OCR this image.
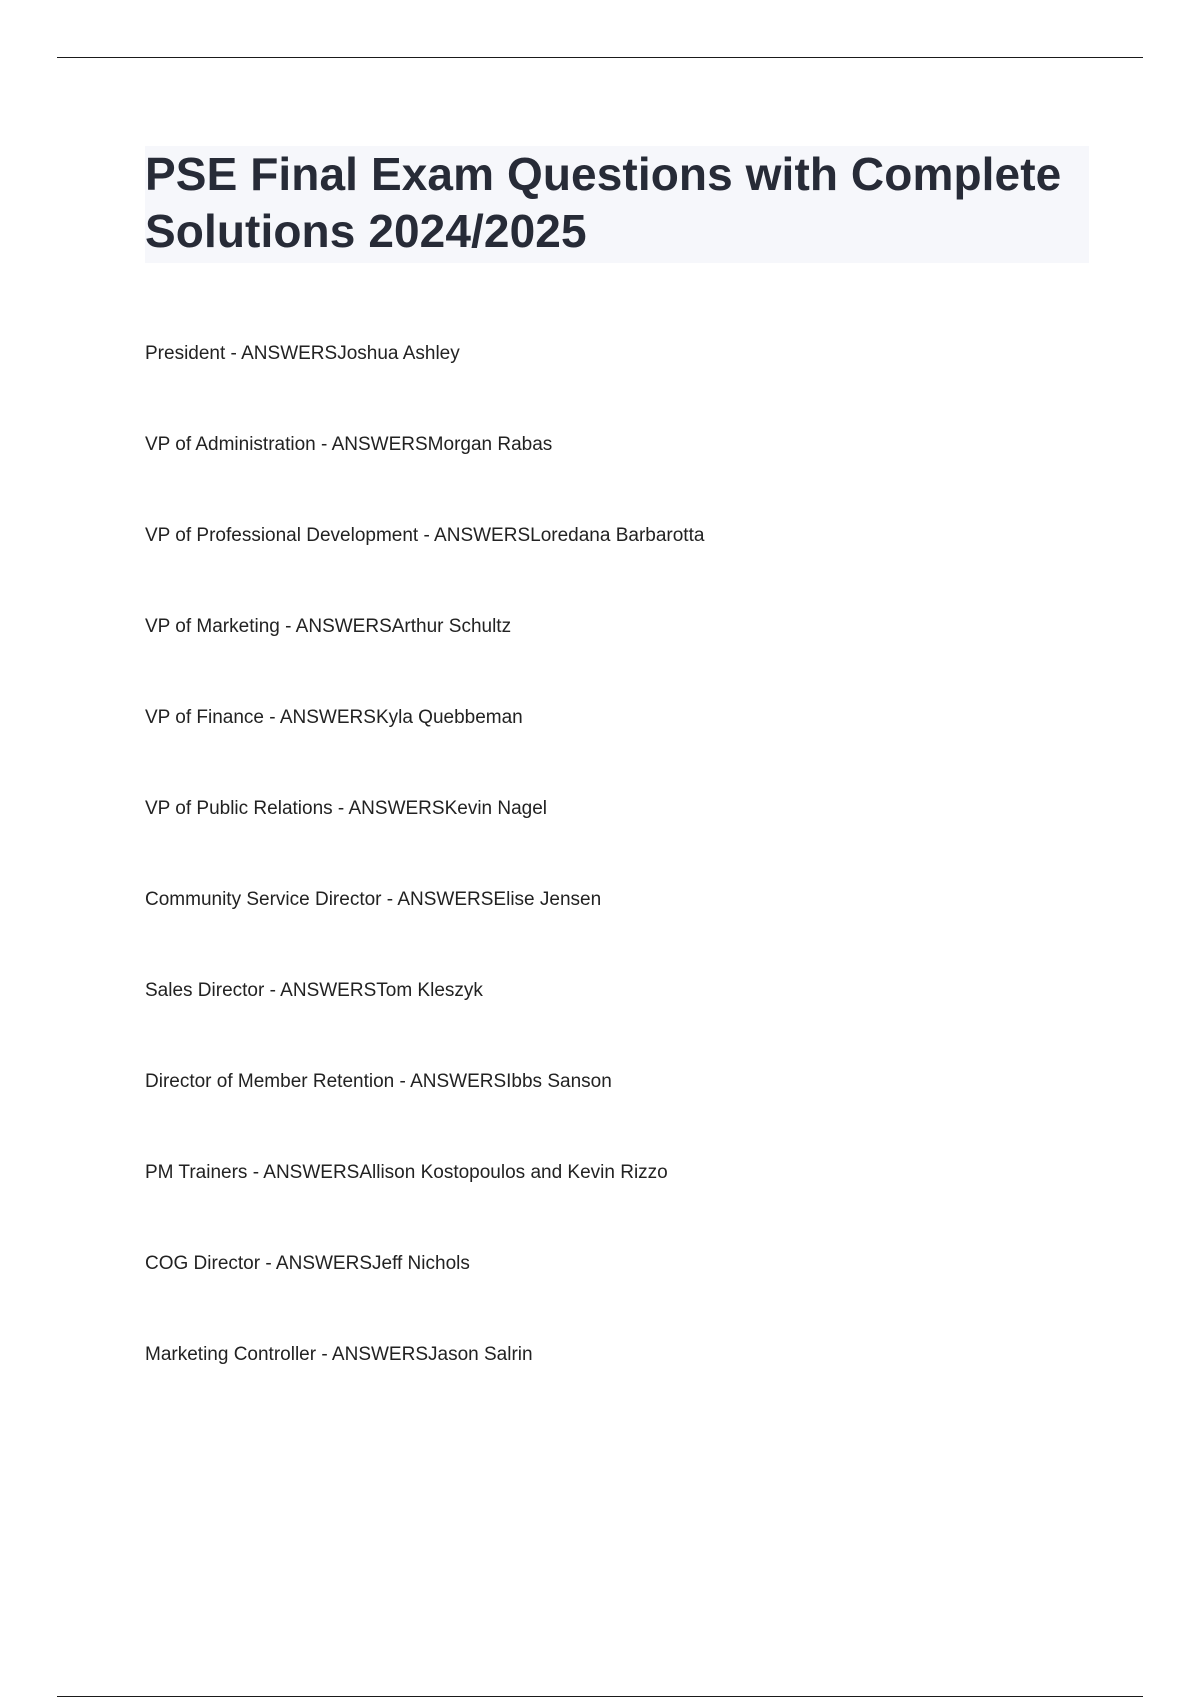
PSE Final Exam Questions with Complete Solutions 2024/2025
President - ANSWERSJoshua Ashley
VP of Administration - ANSWERSMorgan Rabas
VP of Professional Development - ANSWERSLoredana Barbarotta
VP of Marketing - ANSWERSArthur Schultz
VP of Finance - ANSWERSKyla Quebbeman
VP of Public Relations - ANSWERSKevin Nagel
Community Service Director - ANSWERSElise Jensen
Sales Director - ANSWERSTom Kleszyk
Director of Member Retention - ANSWERSIbbs Sanson
PM Trainers - ANSWERSAllison Kostopoulos and Kevin Rizzo
COG Director - ANSWERSJeff Nichols
Marketing Controller - ANSWERSJason Salrin
